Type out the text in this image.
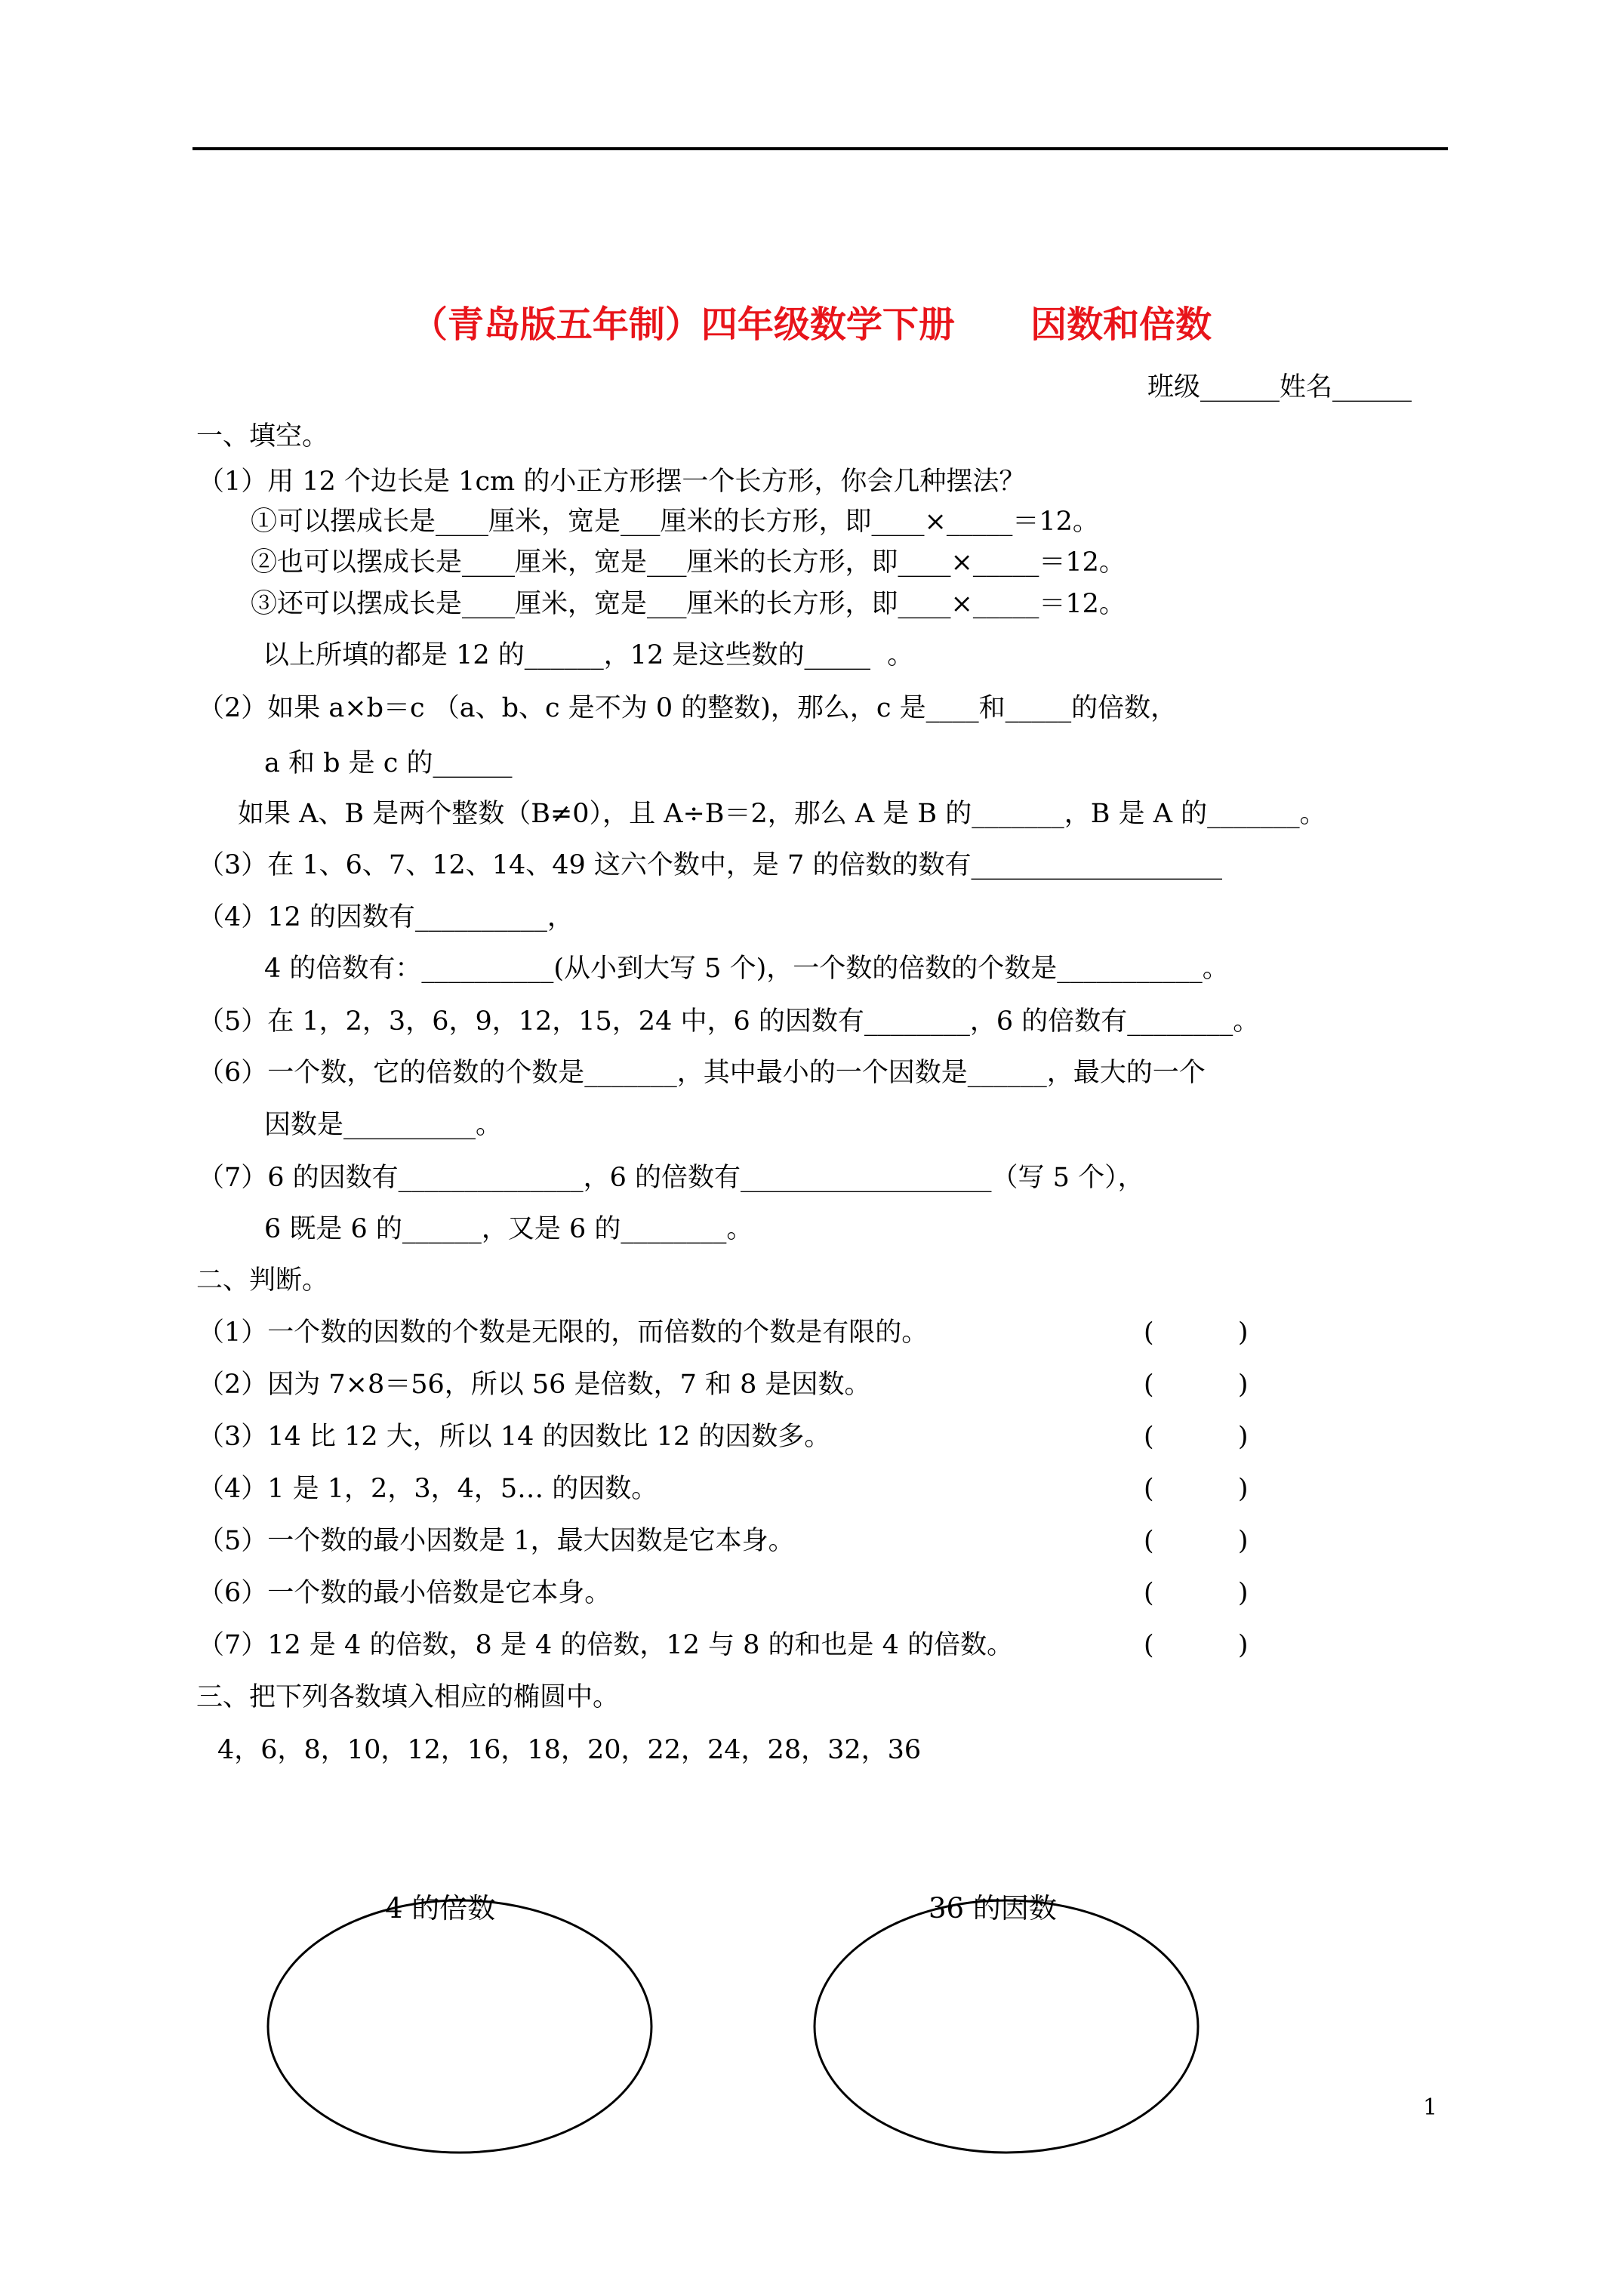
（青岛版五年制）四年级数学下册      因数和倍数
班级______姓名______
一、填空。
（1）用 12 个边长是 1cm 的小正方形摆一个长方形，你会几种摆法？
①可以摆成长是____厘米，宽是___厘米的长方形，即____×_____＝12。
②也可以摆成长是____厘米，宽是___厘米的长方形，即____×_____＝12。
③还可以摆成长是____厘米，宽是___厘米的长方形，即____×_____＝12。
以上所填的都是 12 的______，12 是这些数的_____  。
（2）如果 a×b＝c （a、b、c 是不为 0 的整数)，那么，c 是____和_____的倍数，
a 和 b 是 c 的______
如果 A、B 是两个整数（B≠0），且 A÷B＝2，那么 A 是 B 的_______，B 是 A 的_______。
（3）在 1、6、7、12、14、49 这六个数中，是 7 的倍数的数有___________________
（4）12 的因数有__________，
4 的倍数有：__________(从小到大写 5 个)，一个数的倍数的个数是___________。
（5）在 1，2，3，6，9，12，15，24 中，6 的因数有________，6 的倍数有________。
（6）一个数，它的倍数的个数是_______，其中最小的一个因数是______，最大的一个
因数是__________。
（7）6 的因数有______________，6 的倍数有___________________（写 5 个），
6 既是 6 的______，又是 6 的________。
二、判断。
（1）一个数的因数的个数是无限的，而倍数的个数是有限的。
（2）因为 7×8＝56，所以 56 是倍数，7 和 8 是因数。
（3）14 比 12 大，所以 14 的因数比 12 的因数多。
（4）1 是 1，2，3，4，5… 的因数。
（5）一个数的最小因数是 1，最大因数是它本身。
（6）一个数的最小倍数是它本身。
（7）12 是 4 的倍数，8 是 4 的倍数，12 与 8 的和也是 4 的倍数。
(          )
(          )
(          )
(          )
(          )
(          )
(          )
三、把下列各数填入相应的椭圆中。
4，6，8，10，12，16，18，20，22，24，28，32，36
4 的倍数	36 的因数
1
